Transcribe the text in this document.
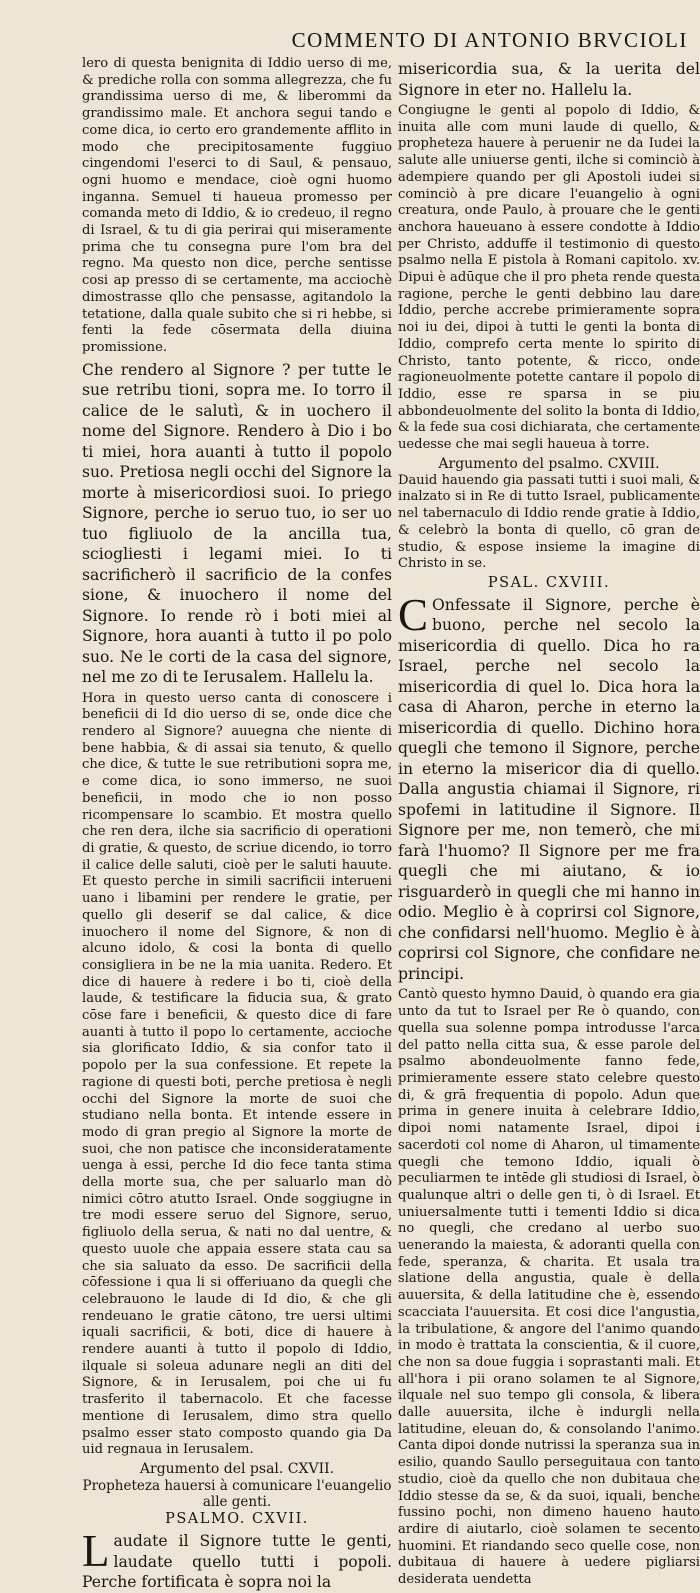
COMMENTO DI ANTONIO BRVCIOLI

lero di questa benignita di Iddio uerso di me, & prediche rolla con somma allegrezza, che fu grandissima uerso di me, & liberommi da grandissimo male. Et anchora segui tando e come dica, io certo ero grandemente afflito in modo che precipitosamente fuggiuo cingendomi l'eserci to di Saul, & pensauo, ogni huomo e mendace, cioè ogni huomo inganna. Semuel ti haueua promesso per comanda meto di Iddio, & io credeuo, il regno di Israel, & tu di gia perirai qui miseramente prima che tu consegna pure l'om bra del regno. Ma questo non dice, perche sentisse cosi ap presso di se certamente, ma acciochè dimostrasse qllo che pensasse, agitandolo la tetatione, dalla quale subito che si ri hebbe, si fenti la fede cōsermata della diuina promissione.

Che rendero al Signore ? per tutte le sue retribu tioni, sopra me. Io torro il calice de le salutì, & in uochero il nome del Signore. Rendero à Dio i bo ti miei, hora auanti à tutto il popolo suo. Pretiosa negli occhi del Signore la morte à misericordiosi suoi. Io priego Signore, perche io seruo tuo, io ser uo tuo figliuolo de la ancilla tua, sciogliesti i legami miei. Io ti sacrificherò il sacrificio de la confes sione, & inuochero il nome del Signore. Io rende rò i boti miei al Signore, hora auanti à tutto il po polo suo. Ne le corti de la casa del signore, nel me zo di te Ierusalem. Hallelu la.

Hora in questo uerso canta di conoscere i beneficii di Id dio uerso di se, onde dice che rendero al Signore? auuegna che niente di bene habbia, & di assai sia tenuto, & quello che dice, & tutte le sue retributioni sopra me, e come dica, io sono immerso, ne suoi beneficii, in modo che io non posso ricompensare lo scambio. Et mostra quello che ren dera, ilche sia sacrificio di operationi di gratie, & questo, de scriue dicendo, io torro il calice delle saluti, cioè per le saluti hauute. Et questo perche in simili sacrificii interueni uano i libamini per rendere le gratie, per quello gli deserif se dal calice, & dice inuochero il nome del Signore, & non di alcuno idolo, & cosi la bonta di quello consigliera in be ne la mia uanita. Redero. Et dice di hauere à redere i bo ti, cioè della laude, & testificare la fiducia sua, & grato cōse fare i beneficii, & questo dice di fare auanti à tutto il popo lo certamente, accioche sia glorificato Iddio, & sia confor tato il popolo per la sua confessione. Et repete la ragione di questi boti, perche pretiosa è negli occhi del Signore la morte de suoi che studiano nella bonta. Et intende essere in modo di gran pregio al Signore la morte de suoi, che non patisce che inconsideratamente uenga à essi, perche Id dio fece tanta stima della morte sua, che per saluarlo man dò nimici cōtro atutto Israel. Onde soggiugne in tre modi essere seruo del Signore, seruo, figliuolo della serua, & nati no dal uentre, & questo uuole che appaia essere stata cau sa che sia saluato da esso. De sacrificii della cōfessione i qua li si offeriuano da quegli che celebrauono le laude di Id dio, & che gli rendeuano le gratie cātono, tre uersi ultimi iquali sacrificii, & boti, dice di hauere à rendere auanti à tutto il popolo di Iddio, ilquale si soleua adunare negli an diti del Signore, & in Ierusalem, poi che ui fu trasferito il tabernacolo. Et che facesse mentione di Ierusalem, dimo stra quello psalmo esser stato composto quando gia Da uid regnaua in Ierusalem.

Argumento del psal. CXVII.

Propheteza hauersi à comunicare l'euangelio alle genti.

PSALMO. CXVII.

Laudate il Signore tutte le genti, laudate quello tutti i popoli. Perche fortificata è sopra noi la

misericordia sua, & la uerita del Signore in eter no. Hallelu la.

Congiugne le genti al popolo di Iddio, & inuita alle com muni laude di quello, & propheteza hauere à peruenir ne da Iudei la salute alle uniuerse genti, ilche si cominciò à adempiere quando per gli Apostoli iudei si cominciò à pre dicare l'euangelio à ogni creatura, onde Paulo, à prouare che le genti anchora haueuano à essere condotte à Iddio per Christo, adduffe il testimonio di questo psalmo nella E pistola à Romani capitolo. xv. Dipui è adūque che il pro pheta rende questa ragione, perche le genti debbino lau dare Iddio, perche accrebe primieramente sopra noi iu dei, dipoi à tutti le genti la bonta di Iddio, comprefo certa mente lo spirito di Christo, tanto potente, & ricco, onde ragioneuolmente potette cantare il popolo di Iddio, esse re sparsa in se piu abbondeuolmente del solito la bonta di Iddio, & la fede sua cosi dichiarata, che certamente uedesse che mai segli haueua à torre.

Argumento del psalmo. CXVIII.

Dauid hauendo gia passati tutti i suoi mali, & inalzato si in Re di tutto Israel, publicamente nel tabernaculo di Iddio rende gratie à Iddio, & celebrò la bonta di quello, cō gran de studio, & espose insieme la imagine di Christo in se.

PSAL. CXVIII.

C Onfessate il Signore, perche è buono, perche nel secolo la misericordia di quello. Dica ho ra Israel, perche nel secolo la misericordia di quel lo. Dica hora la casa di Aharon, perche in eterno la misericordia di quello. Dichino hora quegli che temono il Signore, perche in eterno la misericor dia di quello. Dalla angustia chiamai il Signore, ri spofemi in latitudine il Signore. Il Signore per me, non temerò, che mi farà l'huomo? Il Signore per me fra quegli che mi aiutano, & io risguarderò in quegli che mi hanno in odio. Meglio è à coprirsi col Signore, che confidarsi nell'huomo. Meglio è à coprirsi col Signore, che confidare ne principi.

Cantò questo hymno Dauid, ò quando era gia unto da tut to Israel per Re ò quando, con quella sua solenne pompa introdusse l'arca del patto nella citta sua, & esse parole del psalmo abondeuolmente fanno fede, primieramente essere stato celebre questo di, & grā frequentia di popolo. Adun que prima in genere inuita à celebrare Iddio, dipoi nomi natamente Israel, dipoi i sacerdoti col nome di Aharon, ul timamente quegli che temono Iddio, iquali ò peculiarmen te intēde gli studiosi di Israel, ò qualunque altri o delle gen ti, ò di Israel. Et uniuersalmente tutti i tementi Iddio si dica no quegli, che credano al uerbo suo uenerando la maiesta, & adoranti quella con fede, speranza, & charita. Et usala tra slatione della angustia, quale è della auuersita, & della latitudine che è, essendo scacciata l'auuersita. Et cosi dice l'angustia, la tribulatione, & angore del l'animo quando in modo è trattata la conscientia, & il cuore, che non sa doue fuggia i soprastanti mali. Et all'hora i pii orano solamen te al Signore, ilquale nel suo tempo gli consola, & libera dalle auuersita, ilche è indurgli nella latitudine, eleuan do, & consolando l'animo. Canta dipoi donde nutrissi la speranza sua in esilio, quando Saullo perseguitaua con tanto studio, cioè da quello che non dubitaua che Iddio stesse da se, & da suoi, iquali, benche fussino pochi, non dimeno haueno hauto ardire di aiutarlo, cioè solamen te secento huomini. Et riandando seco quelle cose, non dubitaua di hauere à uedere pigliarsi desiderata uendetta
